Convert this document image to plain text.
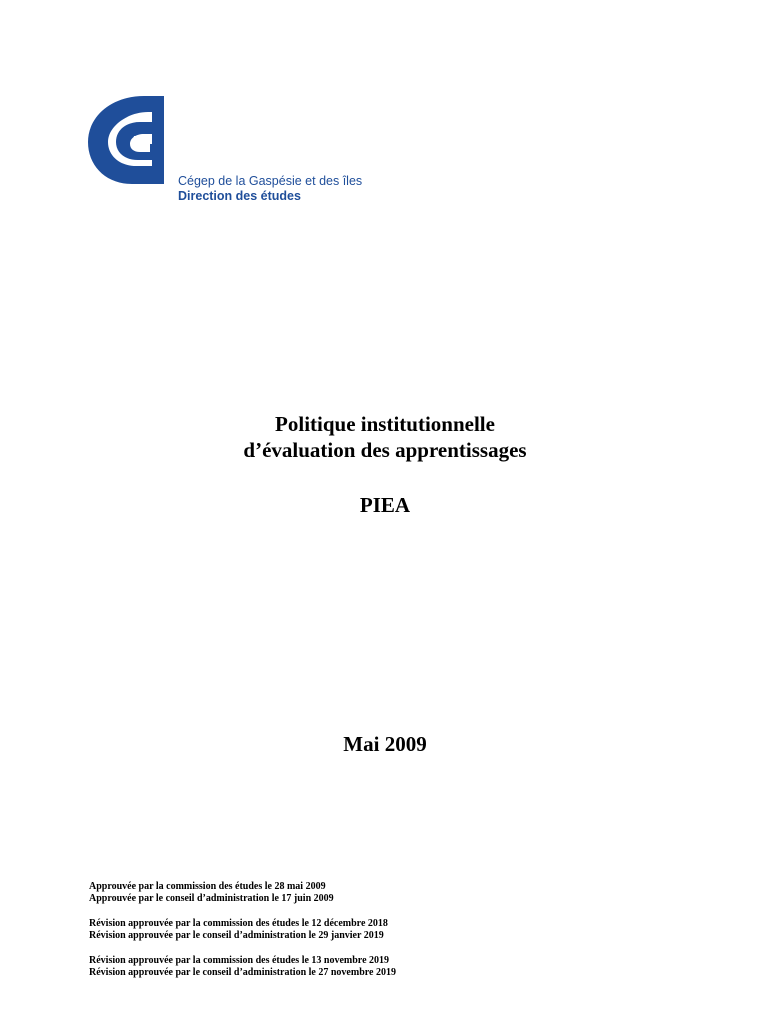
Cégep de la Gaspésie et des îles
Direction des études
Politique institutionnelle
d’évaluation des apprentissages
PIEA
Mai 2009
Approuvée par la commission des études le 28 mai 2009
Approuvée par le conseil d’administration le 17 juin 2009
Révision approuvée par la commission des études le 12 décembre 2018
Révision approuvée par le conseil d’administration le 29 janvier 2019
Révision approuvée par la commission des études le 13 novembre 2019
Révision approuvée par le conseil d’administration le 27 novembre 2019
